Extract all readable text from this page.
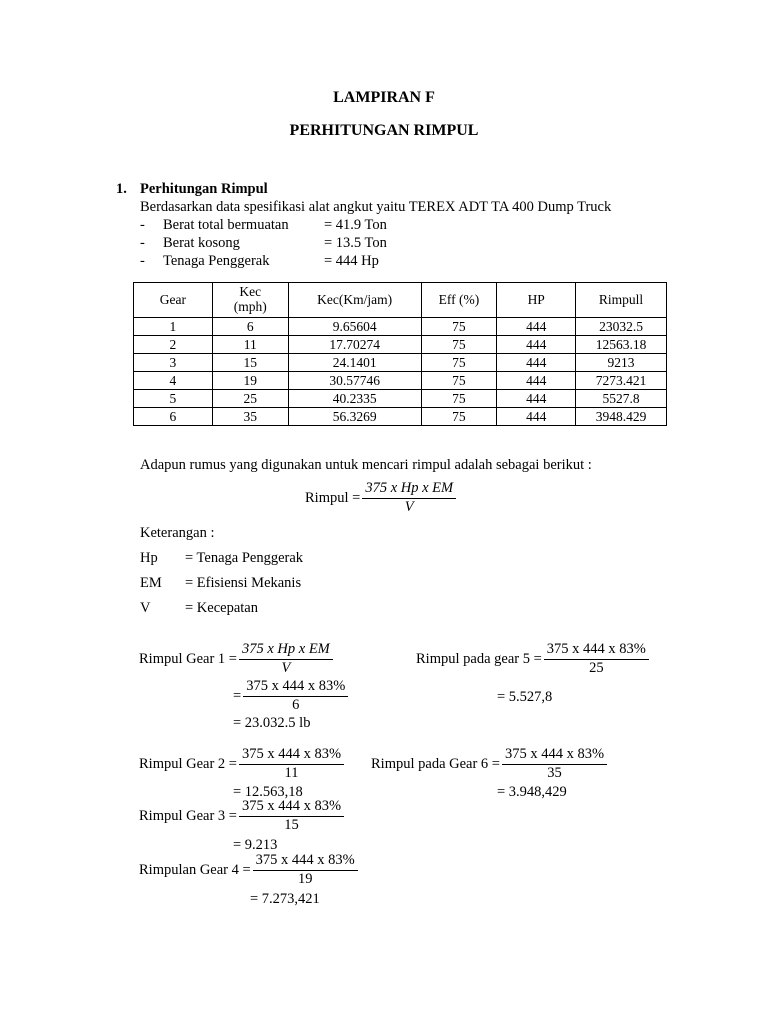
LAMPIRAN F
PERHITUNGAN RIMPUL
1. Perhitungan Rimpul
Berdasarkan data spesifikasi alat angkut yaitu TEREX ADT TA 400 Dump Truck
- Berat total bermuatan = 41.9 Ton
- Berat kosong	= 13.5 Ton
- Tenaga Penggerak	= 444 Hp
Gear	Kec (mph)	Kec(Km/jam)	Eff (%)	HP	Rimpull
1	6	9.65604	75	444	23032.5
2	11	17.70274	75	444	12563.18
3	15	24.1401	75	444	9213
4	19	30.57746	75	444	7273.421
5	25	40.2335	75	444	5527.8
6	35	56.3269	75	444	3948.429
Adapun rumus yang digunakan untuk mencari rimpul adalah sebagai berikut :
Rimpul = $\frac{\text{375 x Hp x EM}}{V}$
Keterangan :
Hp = Tenaga Penggerak
EM = Efisiensi Mekanis
V = Kecepatan
Rimpul Gear $1 = \frac{\text{375 x Hp x EM}}{V}$
= $\frac{375 x 444 x 83\%}{6}$
= 23.032.5 lb
Rimpul pada gear $5 = \frac{375 x 444 x 83\%}{25}$
= 5.527,8
Rimpul Gear $2 = \frac{375 x 444 x 83\%}{11}$
= 12.563,18
Rimpul pada Gear $6 = \frac{375 x 444 x 83\%}{35}$
= 3.948,429
Rimpul Gear $3 = \frac{375 x 444 x 83\%}{15}$
= 9.213
Rimpulan Gear $4 = \frac{375 x 444 x 83\%}{19}$
= 7.273,421
